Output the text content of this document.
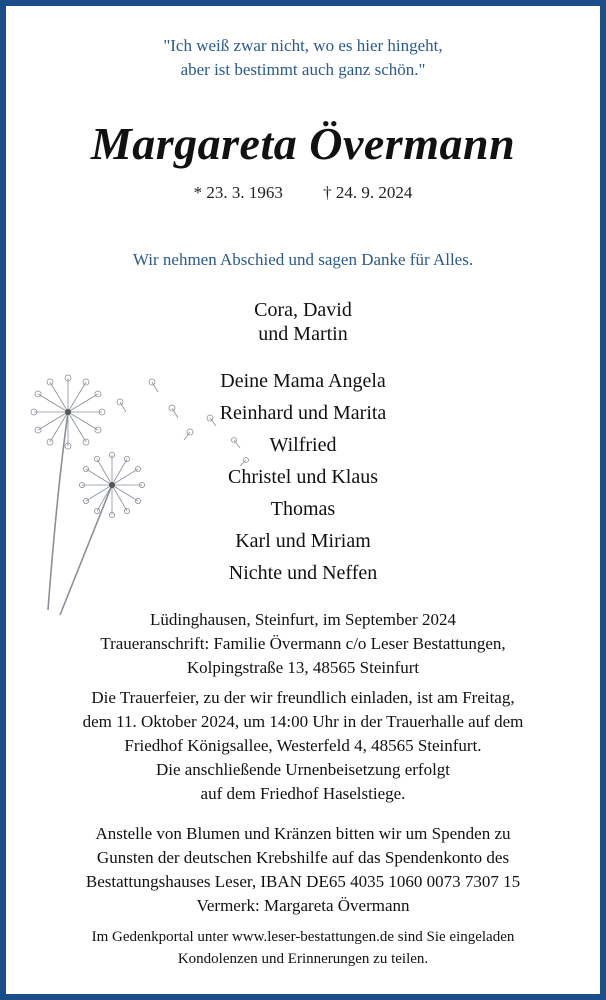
"Ich weiß zwar nicht, wo es hier hingeht,
aber ist bestimmt auch ganz schön."
Margareta Övermann
* 23. 3. 1963 † 24. 9. 2024
Wir nehmen Abschied und sagen Danke für Alles.
Cora, David
und Martin
Deine Mama Angela
Reinhard und Marita
Wilfried
Christel und Klaus
Thomas
Karl und Miriam
Nichte und Neffen
Lüdinghausen, Steinfurt, im September 2024
Traueranschrift: Familie Övermann c/o Leser Bestattungen,
Kolpingstraße 13, 48565 Steinfurt
Die Trauerfeier, zu der wir freundlich einladen, ist am Freitag,
dem 11. Oktober 2024, um 14:00 Uhr in der Trauerhalle auf dem
Friedhof Königsallee, Westerfeld 4, 48565 Steinfurt.
Die anschließende Urnenbeisetzung erfolgt
auf dem Friedhof Haselstiege.
Anstelle von Blumen und Kränzen bitten wir um Spenden zu
Gunsten der deutschen Krebshilfe auf das Spendenkonto des
Bestattungshauses Leser, IBAN DE65 4035 1060 0073 7307 15
Vermerk: Margareta Övermann
Im Gedenkportal unter www.leser-bestattungen.de sind Sie eingeladen
Kondolenzen und Erinnerungen zu teilen.
